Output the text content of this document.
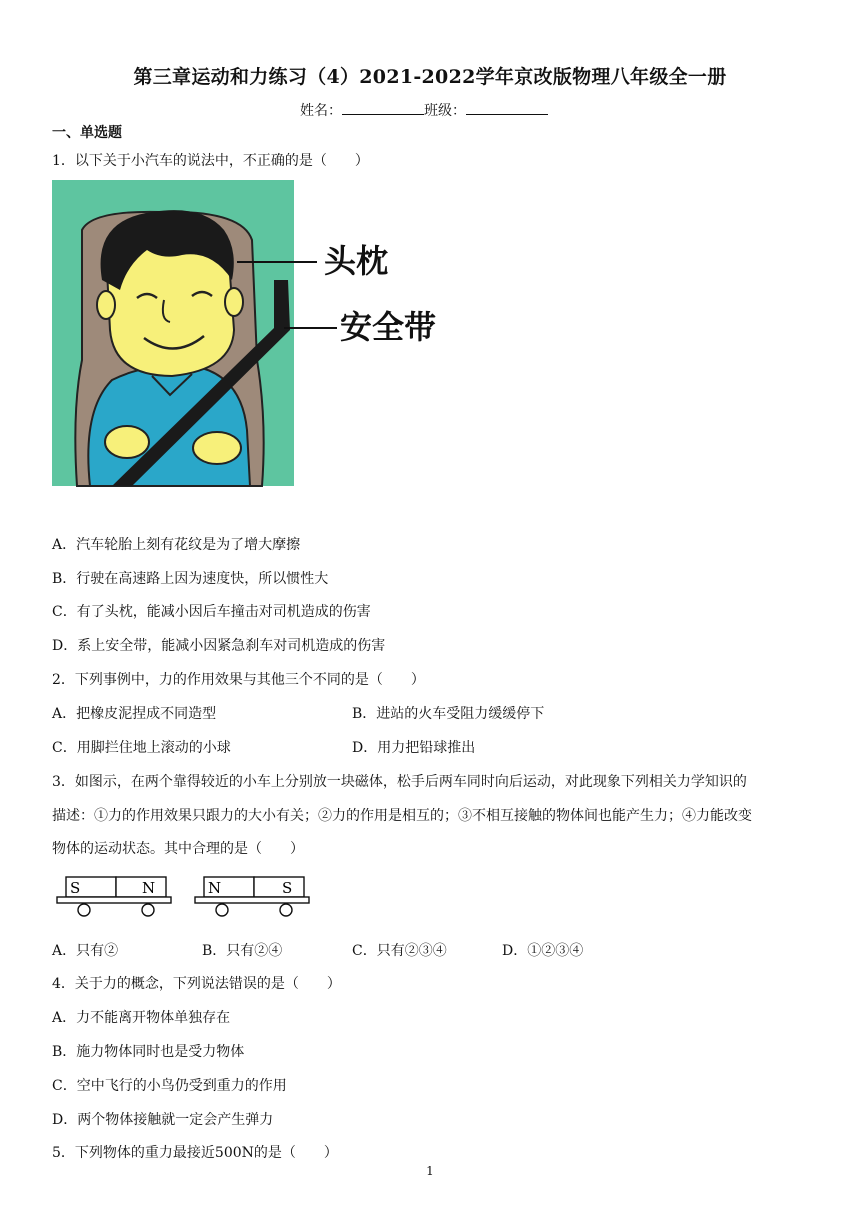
第三章运动和力练习（4）2021-2022学年京改版物理八年级全一册
姓名：	班级：
一、单选题
1．以下关于小汽车的说法中，不正确的是（　　）
头枕
安全带
A．汽车轮胎上刻有花纹是为了增大摩擦
B．行驶在高速路上因为速度快，所以惯性大
C．有了头枕，能减小因后车撞击对司机造成的伤害
D．系上安全带，能减小因紧急刹车对司机造成的伤害
2．下列事例中，力的作用效果与其他三个不同的是（　　）
A．把橡皮泥捏成不同造型	B．进站的火车受阻力缓缓停下
C．用脚拦住地上滚动的小球	D．用力把铅球推出
3．如图示，在两个靠得较近的小车上分别放一块磁体，松手后两车同时向后运动，对此现象下列相关力学知识的
描述：①力的作用效果只跟力的大小有关；②力的作用是相互的；③不相互接触的物体间也能产生力；④力能改变
物体的运动状态。其中合理的是（　　）
S	N	N	S
A．只有②	B．只有②④	C．只有②③④	D．①②③④
4．关于力的概念，下列说法错误的是（　　）
A．力不能离开物体单独存在
B．施力物体同时也是受力物体
C．空中飞行的小鸟仍受到重力的作用
D．两个物体接触就一定会产生弹力
5．下列物体的重力最接近500N的是（　　）
1
